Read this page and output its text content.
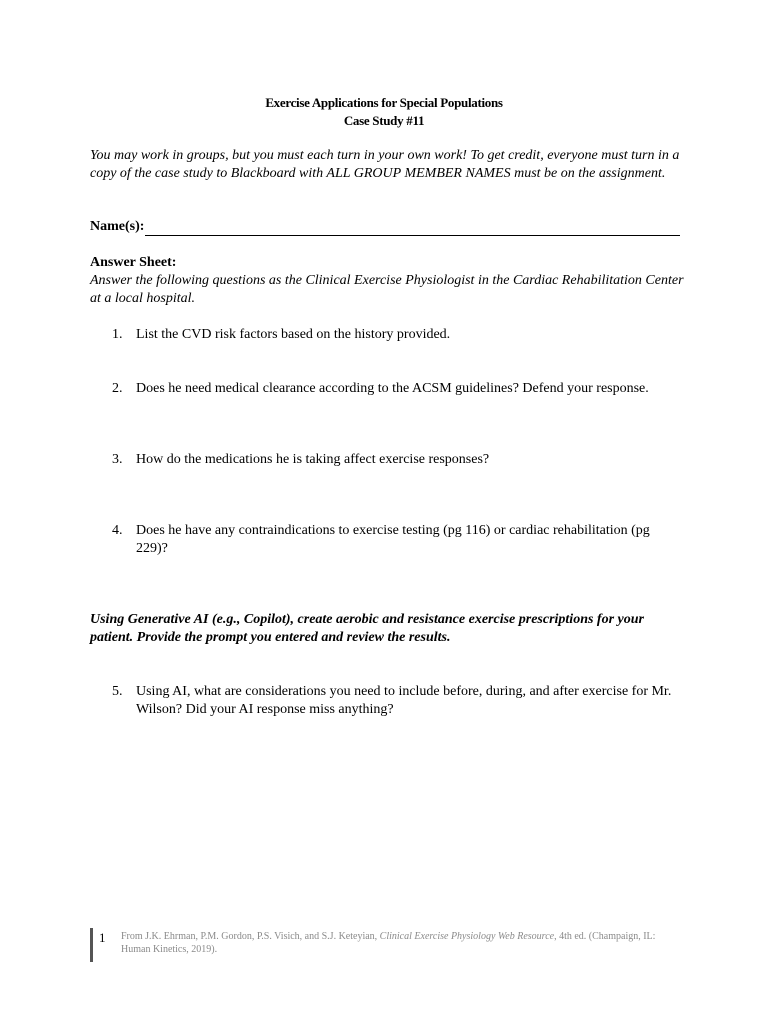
Exercise Applications for Special Populations
Case Study #11
You may work in groups, but you must each turn in your own work! To get credit, everyone must turn in a copy of the case study to Blackboard with ALL GROUP MEMBER NAMES must be on the assignment.
Name(s):
Answer Sheet:
Answer the following questions as the Clinical Exercise Physiologist in the Cardiac Rehabilitation Center at a local hospital.
1. List the CVD risk factors based on the history provided.
2. Does he need medical clearance according to the ACSM guidelines? Defend your response.
3. How do the medications he is taking affect exercise responses?
4. Does he have any contraindications to exercise testing (pg 116) or cardiac rehabilitation (pg 229)?
Using Generative AI (e.g., Copilot), create aerobic and resistance exercise prescriptions for your patient. Provide the prompt you entered and review the results.
5. Using AI, what are considerations you need to include before, during, and after exercise for Mr. Wilson? Did your AI response miss anything?
1	From J.K. Ehrman, P.M. Gordon, P.S. Visich, and S.J. Keteyian, Clinical Exercise Physiology Web Resource, 4th ed. (Champaign, IL: Human Kinetics, 2019).
